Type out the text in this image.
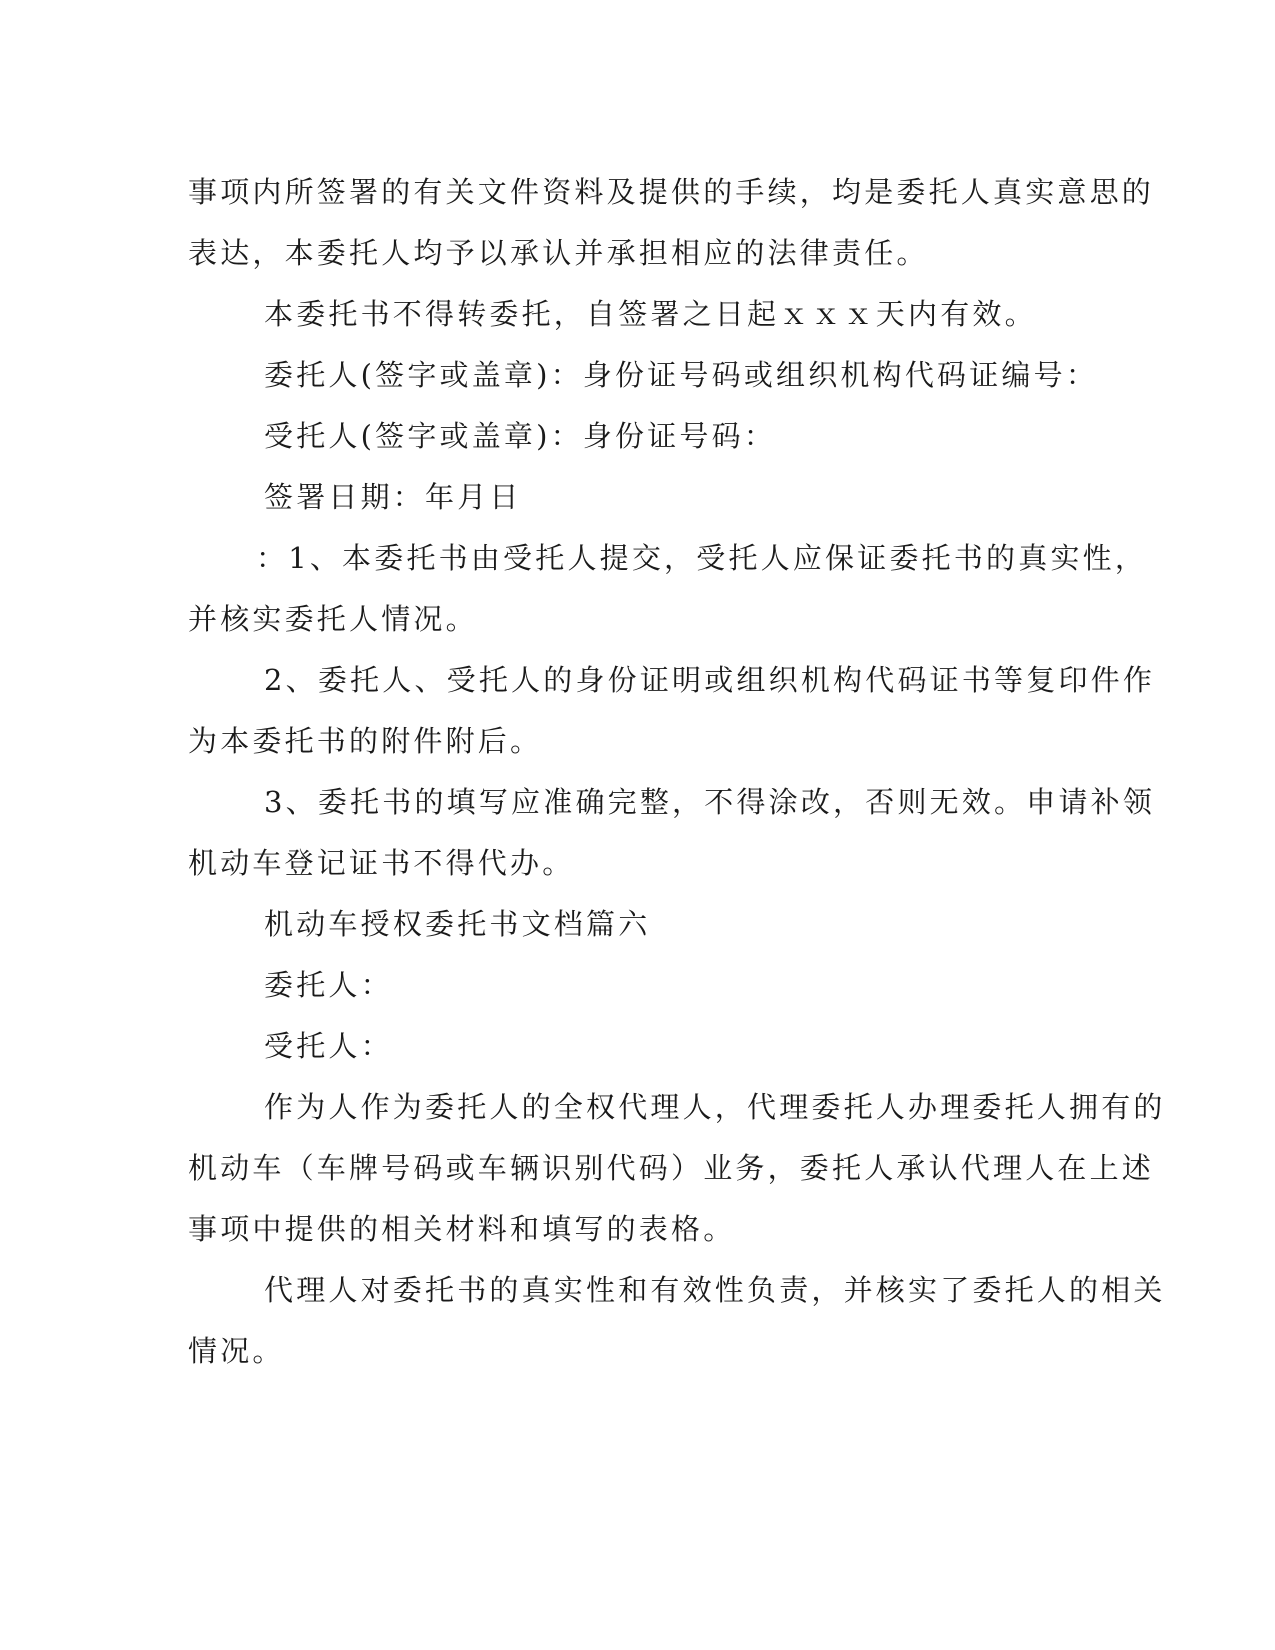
事项内所签署的有关文件资料及提供的手续，均是委托人真实意思的
表达，本委托人均予以承认并承担相应的法律责任。
本委托书不得转委托，自签署之日起ｘｘｘ天内有效。
委托人(签字或盖章)：身份证号码或组织机构代码证编号：
受托人(签字或盖章)：身份证号码：
签署日期：年月日
：1、本委托书由受托人提交，受托人应保证委托书的真实性，
并核实委托人情况。
2、委托人、受托人的身份证明或组织机构代码证书等复印件作
为本委托书的附件附后。
3、委托书的填写应准确完整，不得涂改，否则无效。申请补领
机动车登记证书不得代办。
机动车授权委托书文档篇六
委托人：
受托人：
作为人作为委托人的全权代理人，代理委托人办理委托人拥有的
机动车（车牌号码或车辆识别代码）业务，委托人承认代理人在上述
事项中提供的相关材料和填写的表格。
代理人对委托书的真实性和有效性负责，并核实了委托人的相关
情况。
